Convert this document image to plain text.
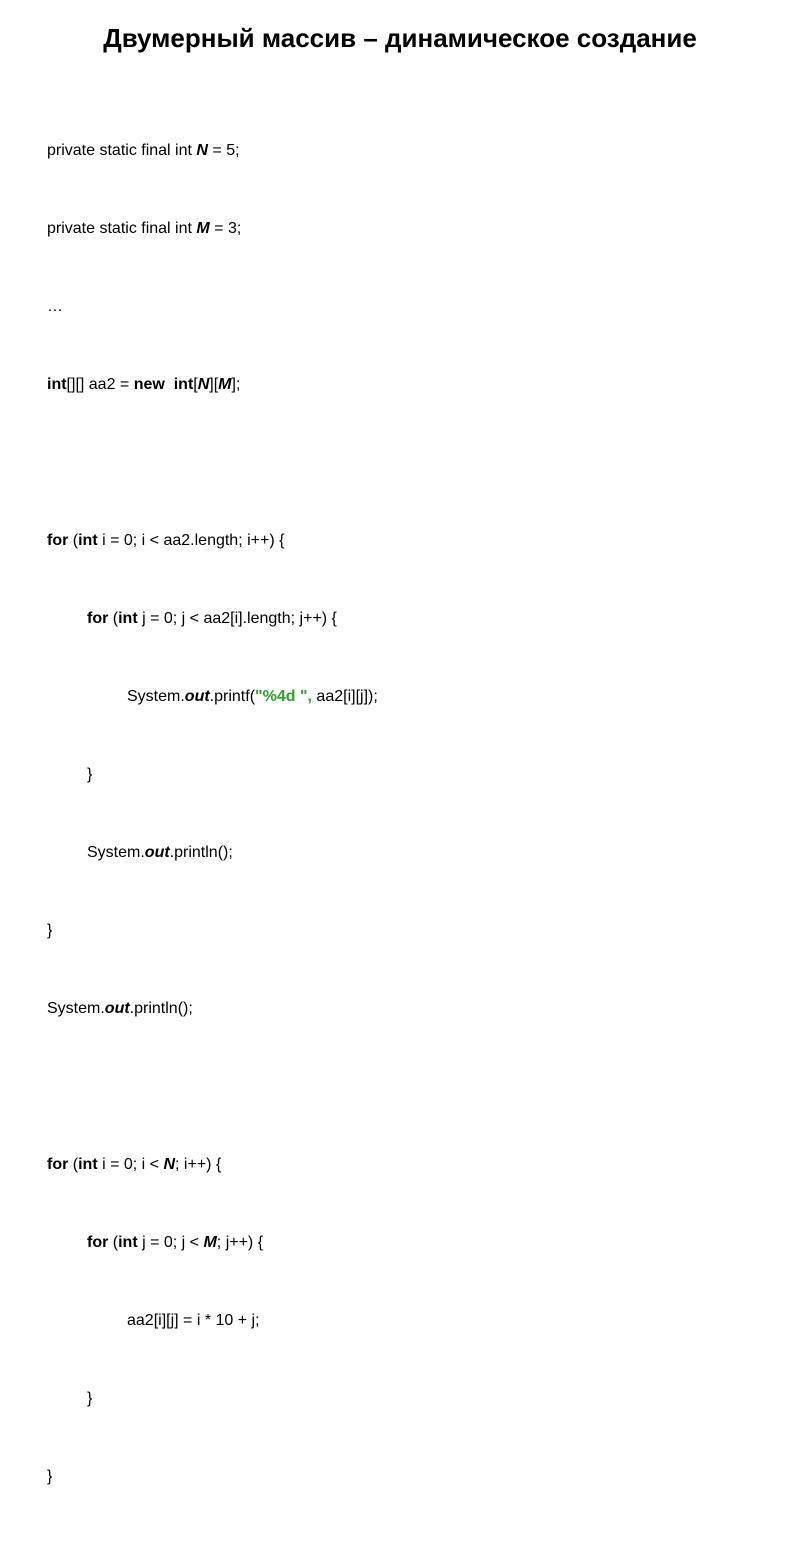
Двумерный массив – динамическое создание

private static final int N = 5;

private static final int M = 3;

…

int[][] aa2 = new int[N][M];

for (int i = 0; i < aa2.length; i++) {

for (int j = 0; j < aa2[i].length; j++) {

System.out.printf("%4d ", aa2[i][j]);

}

System.out.println();

}

System.out.println();

for (int i = 0; i < N; i++) {

for (int j = 0; j < M; j++) {

aa2[i][j] = i * 10 + j;

}

}
